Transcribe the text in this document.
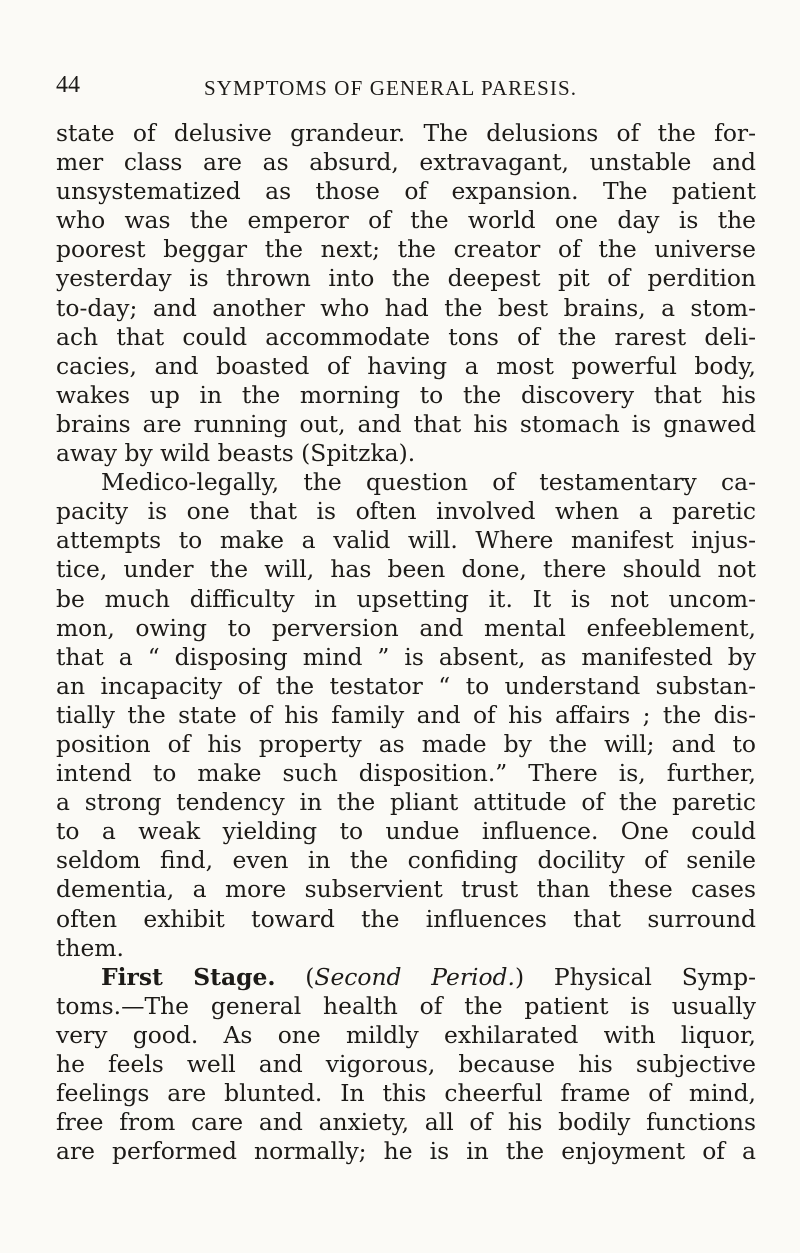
44	SYMPTOMS OF GENERAL PARESIS.
state of delusive grandeur. The delusions of the for-
mer class are as absurd, extravagant, unstable and
unsystematized as those of expansion. The patient
who was the emperor of the world one day is the
poorest beggar the next; the creator of the universe
yesterday is thrown into the deepest pit of perdition
to-day; and another who had the best brains, a stom-
ach that could accommodate tons of the rarest deli-
cacies, and boasted of having a most powerful body,
wakes up in the morning to the discovery that his
brains are running out, and that his stomach is gnawed
away by wild beasts (Spitzka).
Medico-legally, the question of testamentary ca-
pacity is one that is often involved when a paretic
attempts to make a valid will. Where manifest injus-
tice, under the will, has been done, there should not
be much difficulty in upsetting it. It is not uncom-
mon, owing to perversion and mental enfeeblement,
that a “ disposing mind ” is absent, as manifested by
an incapacity of the testator “ to understand substan-
tially the state of his family and of his affairs ; the dis-
position of his property as made by the will; and to
intend to make such disposition.” There is, further,
a strong tendency in the pliant attitude of the paretic
to a weak yielding to undue influence. One could
seldom find, even in the confiding docility of senile
dementia, a more subservient trust than these cases
often exhibit toward the influences that surround
them.
First Stage. (Second Period.) Physical Symp-
toms.—The general health of the patient is usually
very good. As one mildly exhilarated with liquor,
he feels well and vigorous, because his subjective
feelings are blunted. In this cheerful frame of mind,
free from care and anxiety, all of his bodily functions
are performed normally; he is in the enjoyment of a
